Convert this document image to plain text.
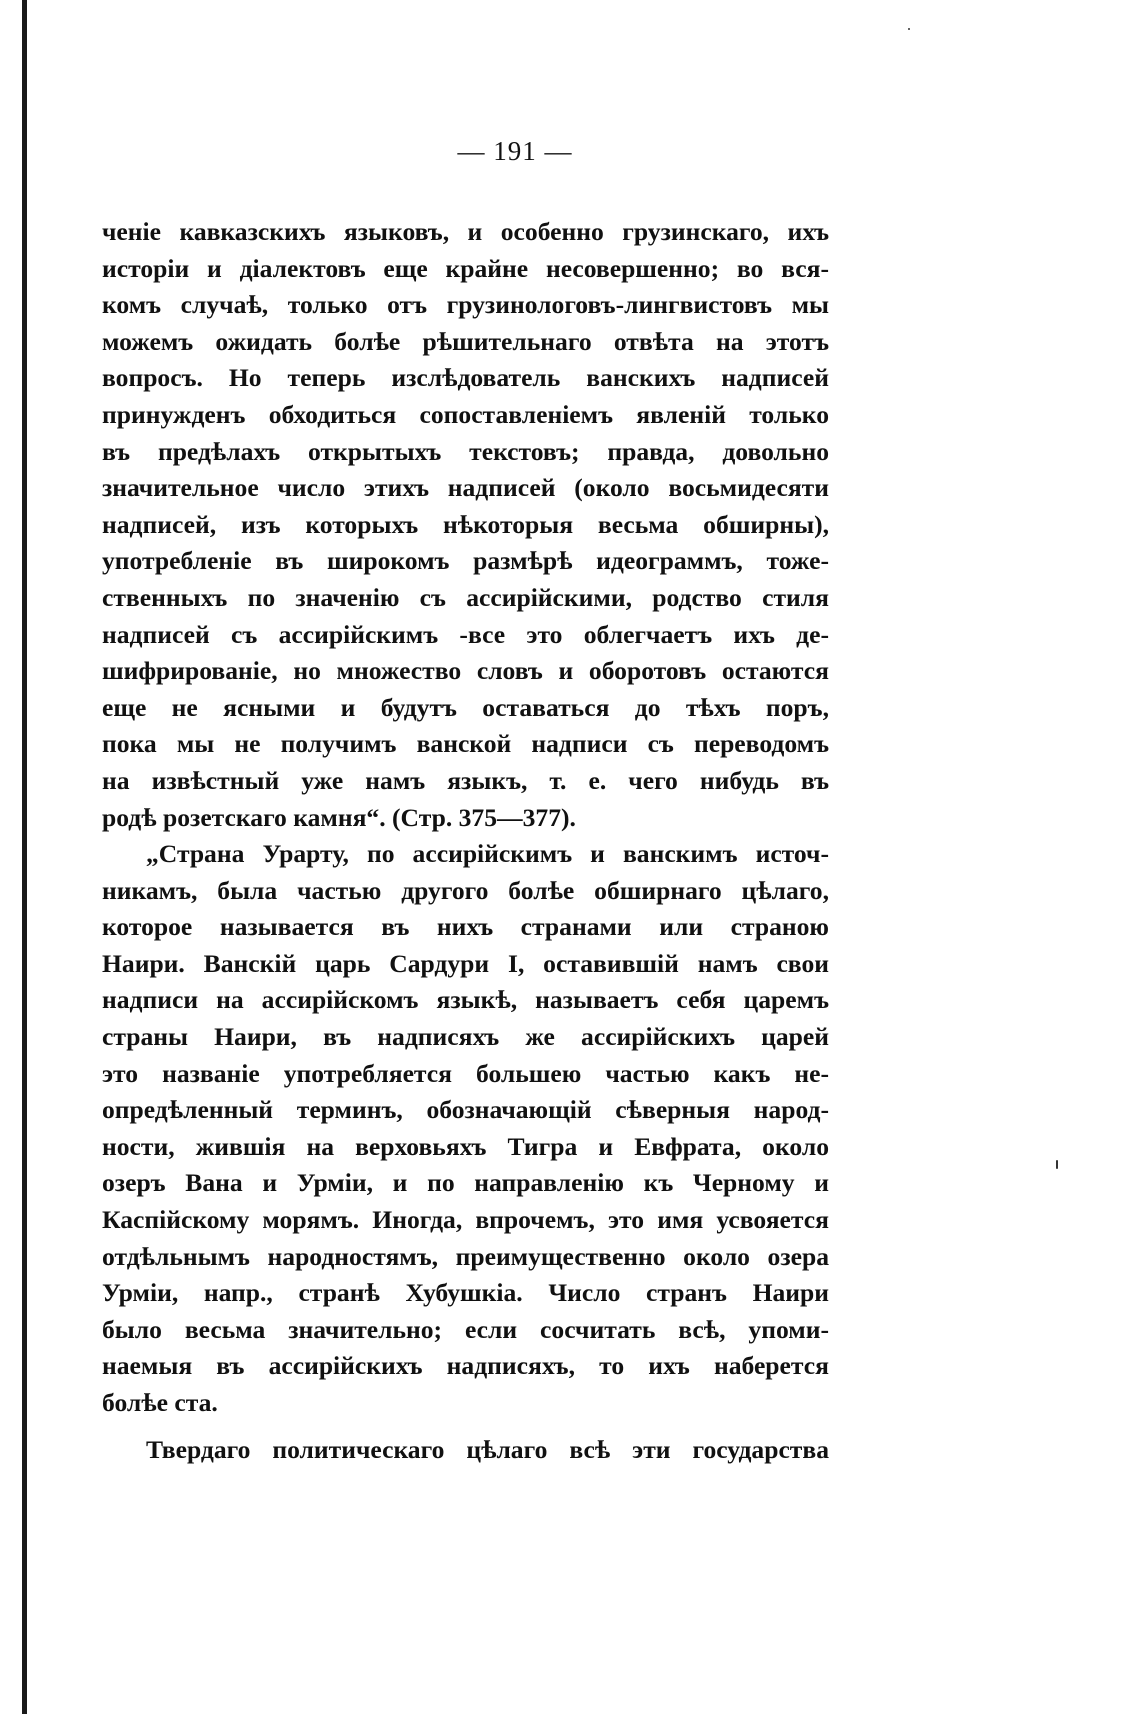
— 191 —
ченіе кавказскихъ языковъ, и особенно грузинскаго, ихъ
исторіи и діалектовъ еще крайне несовершенно; во вся-
комъ случаѣ, только отъ грузинологовъ-лингвистовъ мы
можемъ ожидать болѣе рѣшительнаго отвѣта на этотъ
вопросъ. Но теперь изслѣдователь ванскихъ надписей
принужденъ обходиться сопоставленіемъ явленій только
въ предѣлахъ открытыхъ текстовъ; правда, довольно
значительное число этихъ надписей (около восьмидесяти
надписей, изъ которыхъ нѣкоторыя весьма обширны),
употребленіе въ широкомъ размѣрѣ идеограммъ, тоже-
ственныхъ по значенію съ ассирійскими, родство стиля
надписей съ ассирійскимъ -все это облегчаетъ ихъ де-
шифрированіе, но множество словъ и оборотовъ остаются
еще не ясными и будутъ оставаться до тѣхъ поръ,
пока мы не получимъ ванской надписи съ переводомъ
на извѣстный уже намъ языкъ, т. е. чего нибудь въ
родѣ розетскаго камня“. (Стр. 375—377).
„Страна Урарту, по ассирійскимъ и ванскимъ источ-
никамъ, была частью другого болѣе обширнаго цѣлаго,
которое называется въ нихъ странами или страною
Наири. Ванскій царь Сардури I, оставившій намъ свои
надписи на ассирійскомъ языкѣ, называетъ себя царемъ
страны Наири, въ надписяхъ же ассирійскихъ царей
это названіе употребляется большею частью какъ не-
опредѣленный терминъ, обозначающій сѣверныя народ-
ности, жившія на верховьяхъ Тигра и Евфрата, около
озеръ Вана и Урміи, и по направленію къ Черному и
Каспійскому морямъ. Иногда, впрочемъ, это имя усвояется
отдѣльнымъ народностямъ, преимущественно около озера
Урміи, напр., странѣ Хубушкіа. Число странъ Наири
было весьма значительно; если сосчитать всѣ, упоми-
наемыя въ ассирійскихъ надписяхъ, то ихъ наберется
болѣе ста.
Твердаго политическаго цѣлаго всѣ эти государства
